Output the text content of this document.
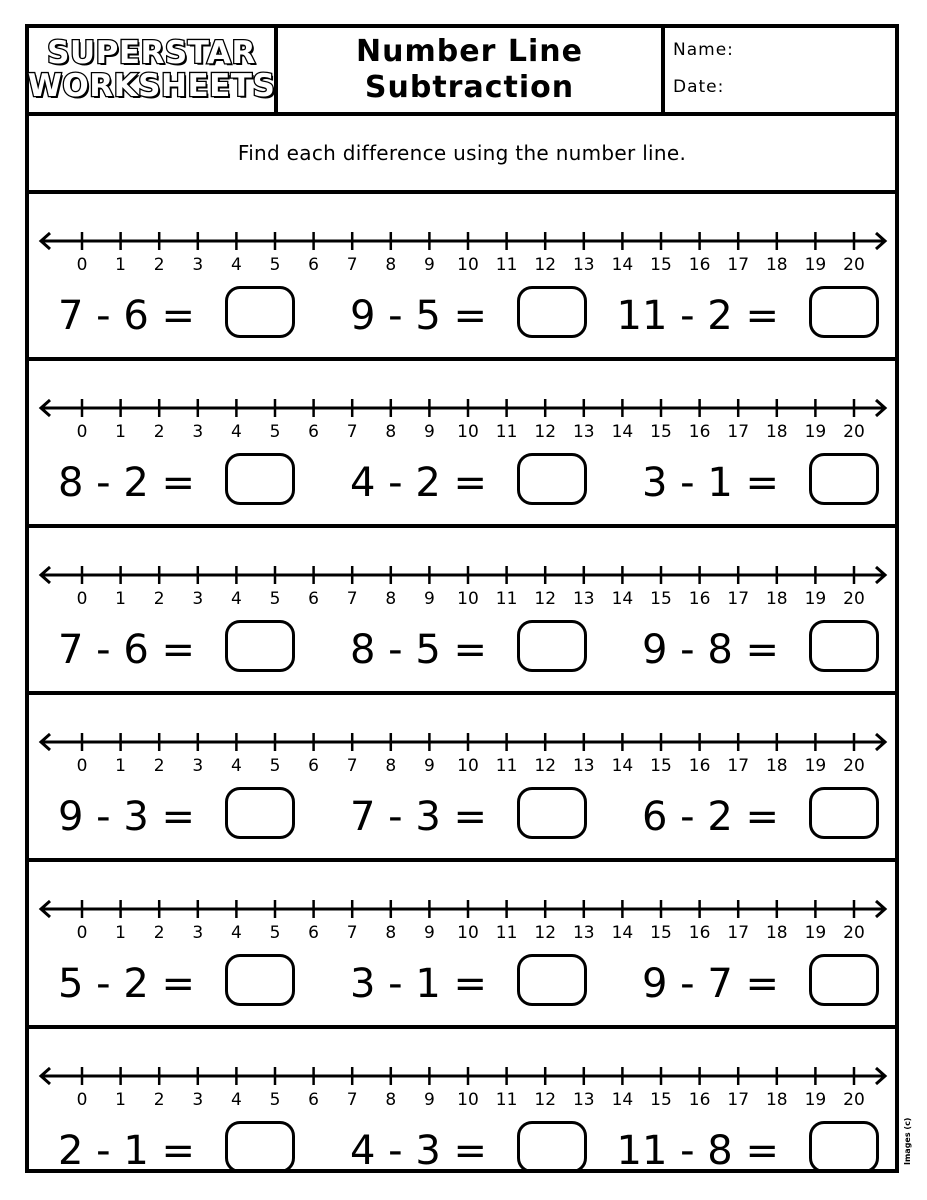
SUPERSTAR
WORKSHEETS
Number Line
Subtraction
Name:
Date:
Find each difference using the number line.
0 1 2 3 4 5 6 7 8 9 10 11 12 13 14 15 16 17 18 19 20
7 - 6 =	9 - 5 =	11 - 2 =
0 1 2 3 4 5 6 7 8 9 10 11 12 13 14 15 16 17 18 19 20
8 - 2 =	4 - 2 =	3 - 1 =
0 1 2 3 4 5 6 7 8 9 10 11 12 13 14 15 16 17 18 19 20
7 - 6 =	8 - 5 =	9 - 8 =
0 1 2 3 4 5 6 7 8 9 10 11 12 13 14 15 16 17 18 19 20
9 - 3 =	7 - 3 =	6 - 2 =
0 1 2 3 4 5 6 7 8 9 10 11 12 13 14 15 16 17 18 19 20
5 - 2 =	3 - 1 =	9 - 7 =
0 1 2 3 4 5 6 7 8 9 10 11 12 13 14 15 16 17 18 19 20
2 - 1 =	4 - 3 =	11 - 8 =	Images (c)
